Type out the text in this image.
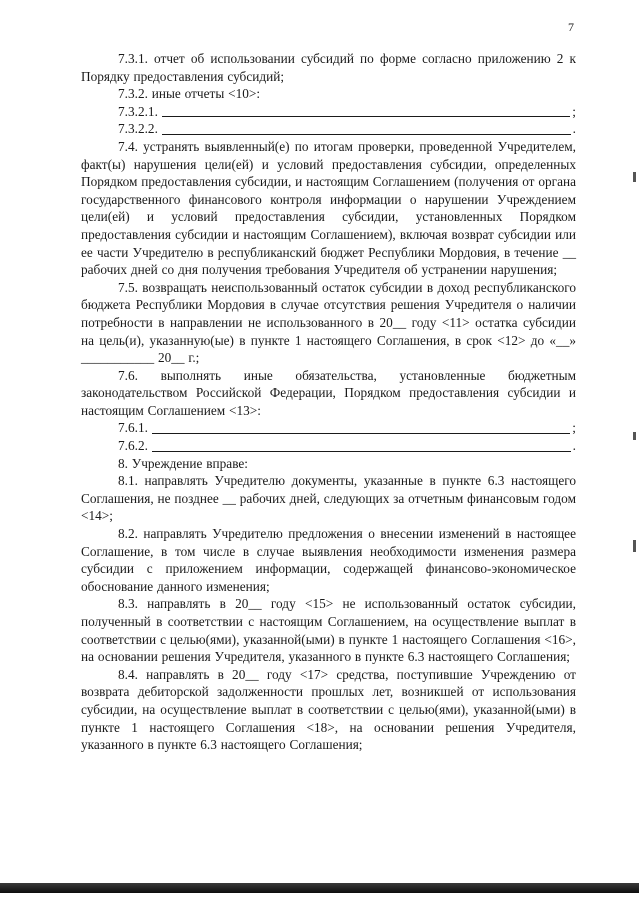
7

7.3.1. отчет об использовании субсидий по форме согласно приложению 2 к Порядку предоставления субсидий;

7.3.2. иные отчеты <10>:

7.3.2.1.	;
7.3.2.2.	.

7.4. устранять выявленный(е) по итогам проверки, проведенной Учредителем, факт(ы) нарушения цели(ей) и условий предоставления субсидии, определенных Порядком предоставления субсидии, и настоящим Соглашением (получения от органа государственного финансового контроля информации о нарушении Учреждением цели(ей) и условий предоставления субсидии, установленных Порядком предоставления субсидии и настоящим Соглашением), включая возврат субсидии или ее части Учредителю в республиканский бюджет Республики Мордовия, в течение __ рабочих дней со дня получения требования Учредителя об устранении нарушения;

7.5. возвращать неиспользованный остаток субсидии в доход республиканского бюджета Республики Мордовия в случае отсутствия решения Учредителя о наличии потребности в направлении не использованного в 20__ году <11> остатка субсидии на цель(и), указанную(ые) в пункте 1 настоящего Соглашения, в срок <12> до «__» ___________ 20__ г.;

7.6. выполнять иные обязательства, установленные бюджетным законодательством Российской Федерации, Порядком предоставления субсидии и настоящим Соглашением <13>:

7.6.1.	;
7.6.2.	.

8. Учреждение вправе:

8.1. направлять Учредителю документы, указанные в пункте 6.3 настоящего Соглашения, не позднее __ рабочих дней, следующих за отчетным финансовым годом <14>;

8.2. направлять Учредителю предложения о внесении изменений в настоящее Соглашение, в том числе в случае выявления необходимости изменения размера субсидии с приложением информации, содержащей финансово-экономическое обоснование данного изменения;

8.3. направлять в 20__ году <15> не использованный остаток субсидии, полученный в соответствии с настоящим Соглашением, на осуществление выплат в соответствии с целью(ями), указанной(ыми) в пункте 1 настоящего Соглашения <16>, на основании решения Учредителя, указанного в пункте 6.3 настоящего Соглашения;

8.4. направлять в 20__ году <17> средства, поступившие Учреждению от возврата дебиторской задолженности прошлых лет, возникшей от использования субсидии, на осуществление выплат в соответствии с целью(ями), указанной(ыми) в пункте 1 настоящего Соглашения <18>, на основании решения Учредителя, указанного в пункте 6.3 настоящего Соглашения;
